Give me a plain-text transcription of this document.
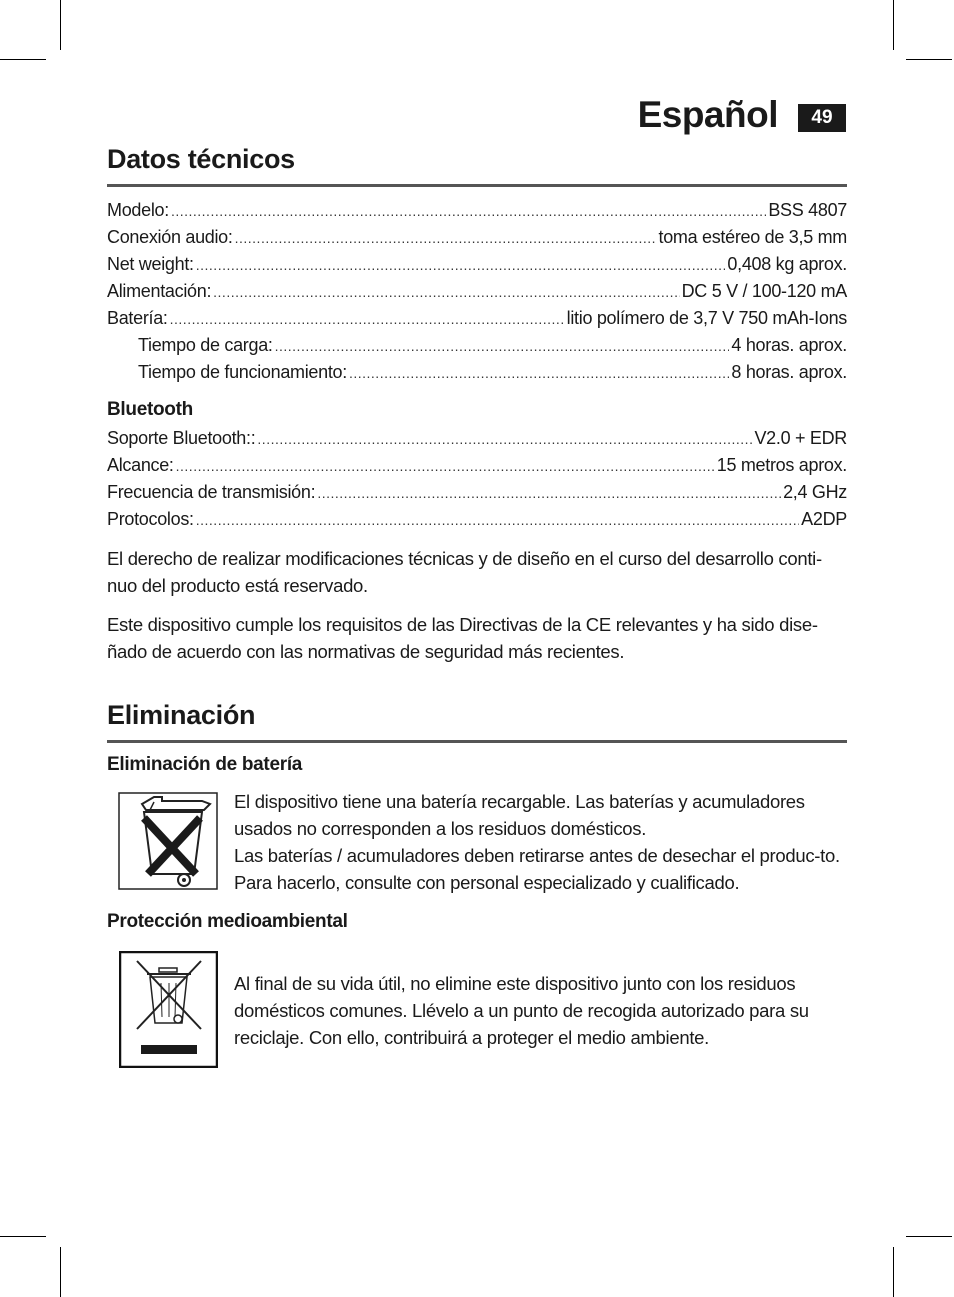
Español	49
Datos técnicos
Modelo: .....	BSS 4807
Conexión audio: .....	toma estéreo de 3,5 mm
Net weight: .....	0,408 kg aprox.
Alimentación: .....	DC 5 V / 100-120 mA
Batería: .....	litio polímero de 3,7 V 750 mAh-Ions
Tiempo de carga: .....	4 horas. aprox.
Tiempo de funcionamiento: .....	8 horas. aprox.
Bluetooth
Soporte Bluetooth:: .....	V2.0 + EDR
Alcance: .....	15 metros aprox.
Frecuencia de transmisión: .....	2,4 GHz
Protocolos: .....	A2DP
El derecho de realizar modificaciones técnicas y de diseño en el curso del desarrollo conti-nuo del producto está reservado.
Este dispositivo cumple los requisitos de las Directivas de la CE relevantes y ha sido dise-ñado de acuerdo con las normativas de seguridad más recientes.
Eliminación
Eliminación de batería
El dispositivo tiene una batería recargable. Las baterías y acumuladores usados no corresponden a los residuos domésticos.
Las baterías / acumuladores deben retirarse antes de desechar el produc-to. Para hacerlo, consulte con personal especializado y cualificado.
Protección medioambiental
Al final de su vida útil, no elimine este dispositivo junto con los residuos domésticos comunes. Llévelo a un punto de recogida autorizado para su reciclaje. Con ello, contribuirá a proteger el medio ambiente.
